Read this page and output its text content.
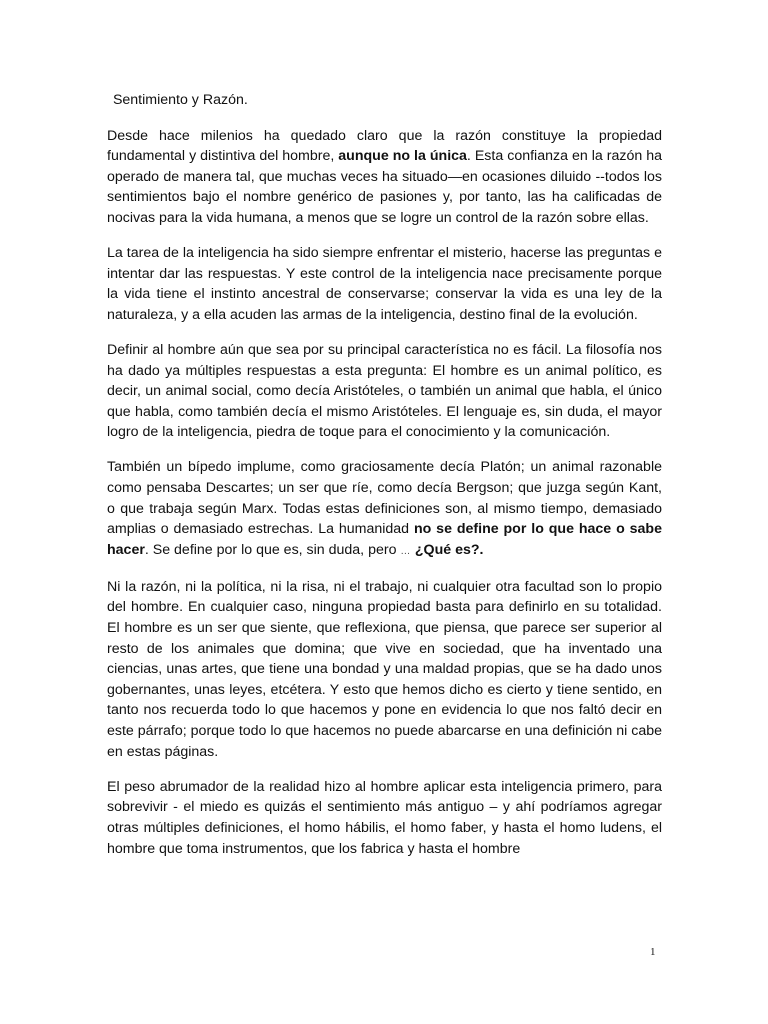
Sentimiento y Razón.

Desde hace milenios ha quedado claro que la razón constituye la propiedad fundamental y distintiva del hombre, aunque no la única. Esta confianza en la razón ha operado de manera tal, que muchas veces ha situado—en ocasiones diluido --todos los sentimientos bajo el nombre genérico de pasiones y, por tanto, las ha calificadas de nocivas para la vida humana, a menos que se logre un control de la razón sobre ellas.

La tarea de la inteligencia ha sido siempre enfrentar el misterio, hacerse las preguntas e intentar dar las respuestas. Y este control de la inteligencia nace precisamente porque la vida tiene el instinto ancestral de conservarse; conservar la vida es una ley de la naturaleza, y a ella acuden las armas de la inteligencia, destino final de la evolución.

Definir al hombre aún que sea por su principal característica no es fácil. La filosofía nos ha dado ya múltiples respuestas a esta pregunta: El hombre es un animal político, es decir, un animal social, como decía Aristóteles, o también un animal que habla, el único que habla, como también decía el mismo Aristóteles. El lenguaje es, sin duda, el mayor logro de la inteligencia, piedra de toque para el conocimiento y la comunicación.

También un bípedo implume, como graciosamente decía Platón; un animal razonable como pensaba Descartes; un ser que ríe, como decía Bergson; que juzga según Kant, o que trabaja según Marx. Todas estas definiciones son, al mismo tiempo, demasiado amplias o demasiado estrechas. La humanidad no se define por lo que hace o sabe hacer. Se define por lo que es, sin duda, pero … ¿Qué es?.

Ni la razón, ni la política, ni la risa, ni el trabajo, ni cualquier otra facultad son lo propio del hombre. En cualquier caso, ninguna propiedad basta para definirlo en su totalidad. El hombre es un ser que siente, que reflexiona, que piensa, que parece ser superior al resto de los animales que domina; que vive en sociedad, que ha inventado una ciencias, unas artes, que tiene una bondad y una maldad propias, que se ha dado unos gobernantes, unas leyes, etcétera. Y esto que hemos dicho es cierto y tiene sentido, en tanto nos recuerda todo lo que hacemos y pone en evidencia lo que nos faltó decir en este párrafo; porque todo lo que hacemos no puede abarcarse en una definición ni cabe en estas páginas.

El peso abrumador de la realidad hizo al hombre aplicar esta inteligencia primero, para sobrevivir - el miedo es quizás el sentimiento más antiguo – y ahí podríamos agregar otras múltiples definiciones, el homo hábilis, el homo faber, y hasta el homo ludens, el hombre que toma instrumentos, que los fabrica y hasta el hombre

1
